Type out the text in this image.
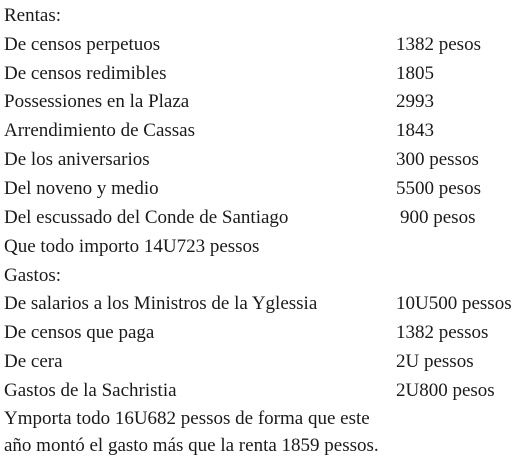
Rentas:
De censos perpetuos	1382 pesos
De censos redimibles	1805
Possessiones en la Plaza	2993
Arrendimiento de Cassas	1843
De los aniversarios	300 pessos
Del noveno y medio	5500 pesos
Del escussado del Conde de Santiago	900 pesos
Que todo importo 14U723 pessos
Gastos:
De salarios a los Ministros de la Yglessia	10U500 pessos
De censos que paga	1382 pessos
De cera	2U pessos
Gastos de la Sachristia	2U800 pesos
Ymporta todo 16U682 pessos de forma que este
año montó el gasto más que la renta 1859 pessos.
